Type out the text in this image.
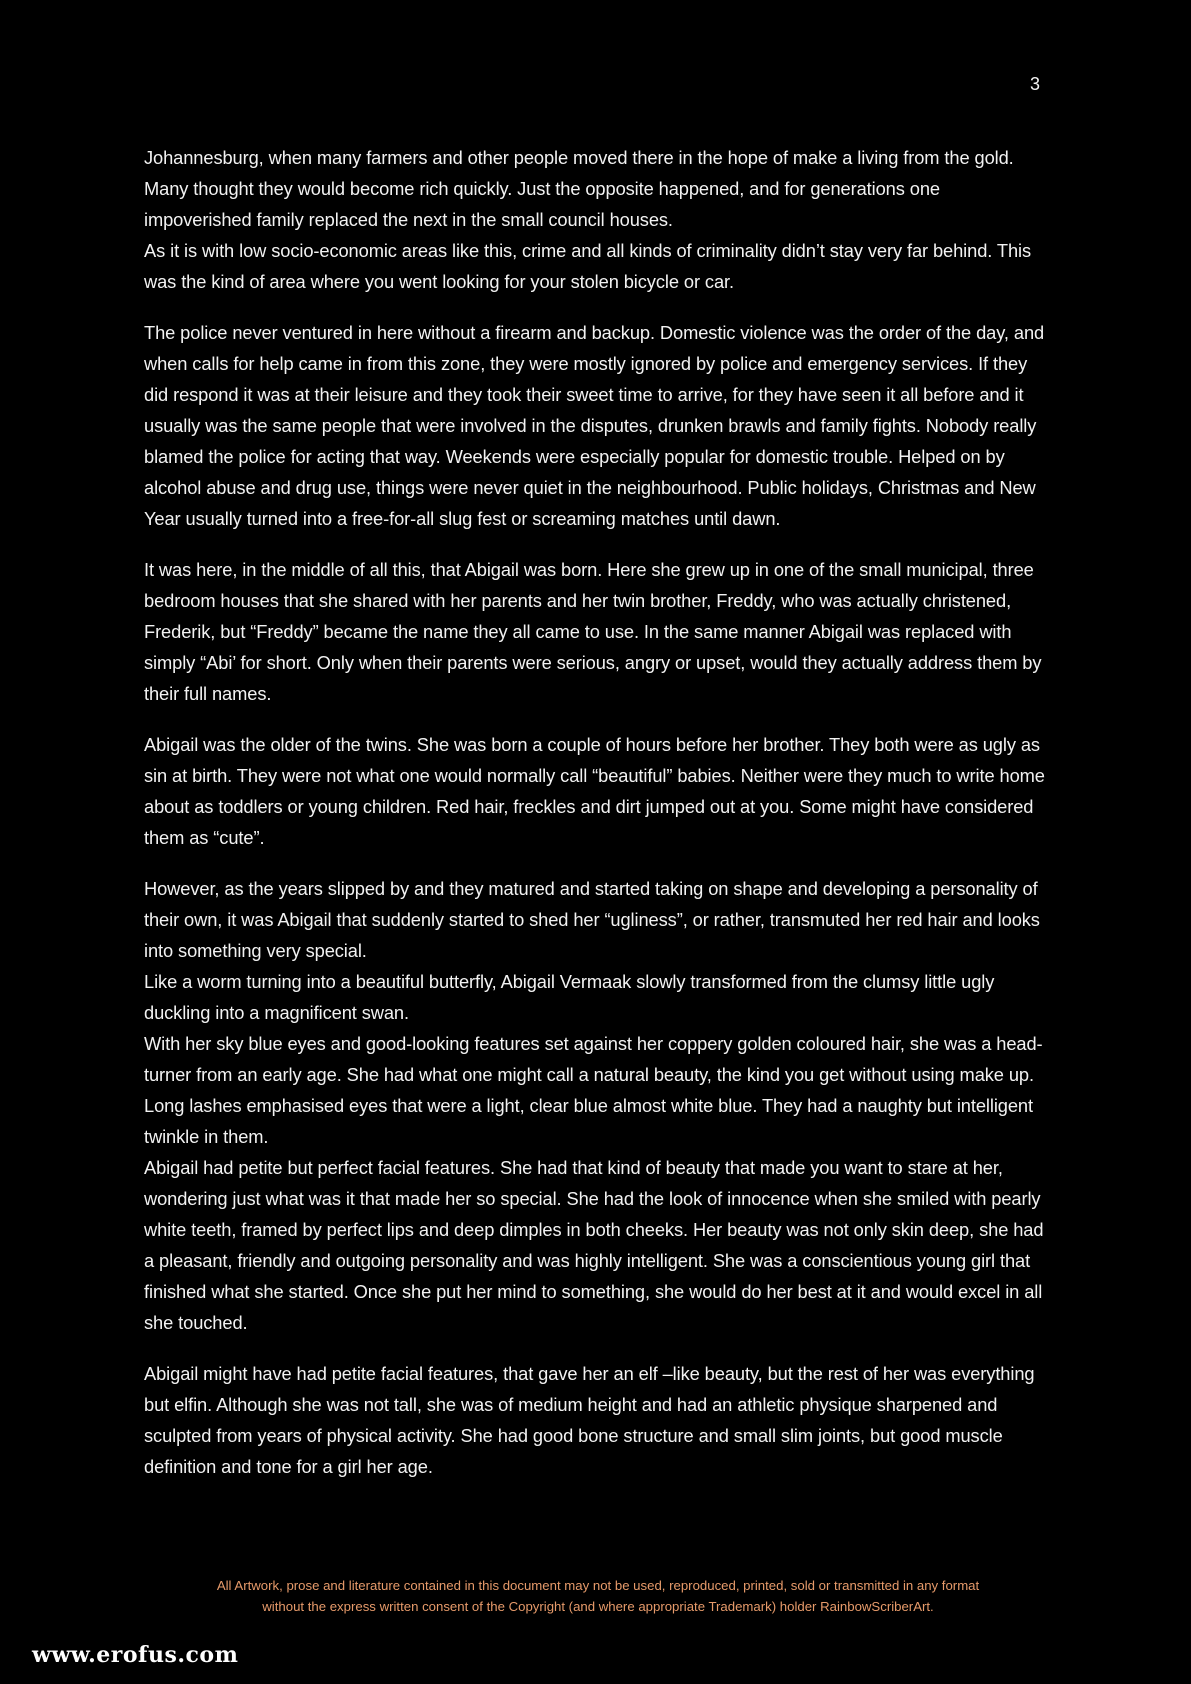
3

Johannesburg, when many farmers and other people moved there in the hope of make a living from the gold. Many thought they would become rich quickly. Just the opposite happened, and for generations one impoverished family replaced the next in the small council houses.
As it is with low socio-economic areas like this, crime and all kinds of criminality didn’t stay very far behind. This was the kind of area where you went looking for your stolen bicycle or car.

The police never ventured in here without a firearm and backup. Domestic violence was the order of the day, and when calls for help came in from this zone, they were mostly ignored by police and emergency services. If they did respond it was at their leisure and they took their sweet time to arrive, for they have seen it all before and it usually was the same people that were involved in the disputes, drunken brawls and family fights. Nobody really blamed the police for acting that way. Weekends were especially popular for domestic trouble. Helped on by alcohol abuse and drug use, things were never quiet in the neighbourhood. Public holidays, Christmas and New Year usually turned into a free-for-all slug fest or screaming matches until dawn.

It was here, in the middle of all this, that Abigail was born. Here she grew up in one of the small municipal, three bedroom houses that she shared with her parents and her twin brother, Freddy, who was actually christened, Frederik, but “Freddy” became the name they all came to use. In the same manner Abigail was replaced with simply “Abi’ for short. Only when their parents were serious, angry or upset, would they actually address them by their full names.

Abigail was the older of the twins. She was born a couple of hours before her brother. They both were as ugly as sin at birth. They were not what one would normally call “beautiful” babies. Neither were they much to write home about as toddlers or young children. Red hair, freckles and dirt jumped out at you. Some might have considered them as “cute”.

However, as the years slipped by and they matured and started taking on shape and developing a personality of their own, it was Abigail that suddenly started to shed her “ugliness”, or rather, transmuted her red hair and looks into something very special.
Like a worm turning into a beautiful butterfly, Abigail Vermaak slowly transformed from the clumsy little ugly duckling into a magnificent swan.
With her sky blue eyes and good-looking features set against her coppery golden coloured hair, she was a head-turner from an early age. She had what one might call a natural beauty, the kind you get without using make up. Long lashes emphasised eyes that were a light, clear blue almost white blue. They had a naughty but intelligent twinkle in them.
Abigail had petite but perfect facial features. She had that kind of beauty that made you want to stare at her, wondering just what was it that made her so special. She had the look of innocence when she smiled with pearly white teeth, framed by perfect lips and deep dimples in both cheeks. Her beauty was not only skin deep, she had a pleasant, friendly and outgoing personality and was highly intelligent. She was a conscientious young girl that finished what she started. Once she put her mind to something, she would do her best at it and would excel in all she touched.

Abigail might have had petite facial features, that gave her an elf –like beauty, but the rest of her was everything but elfin. Although she was not tall, she was of medium height and had an athletic physique sharpened and sculpted from years of physical activity. She had good bone structure and small slim joints, but good muscle definition and tone for a girl her age.

All Artwork, prose and literature contained in this document may not be used, reproduced, printed, sold or transmitted in any format
without the express written consent of the Copyright (and where appropriate Trademark) holder RainbowScriberArt.
www.erofus.com
